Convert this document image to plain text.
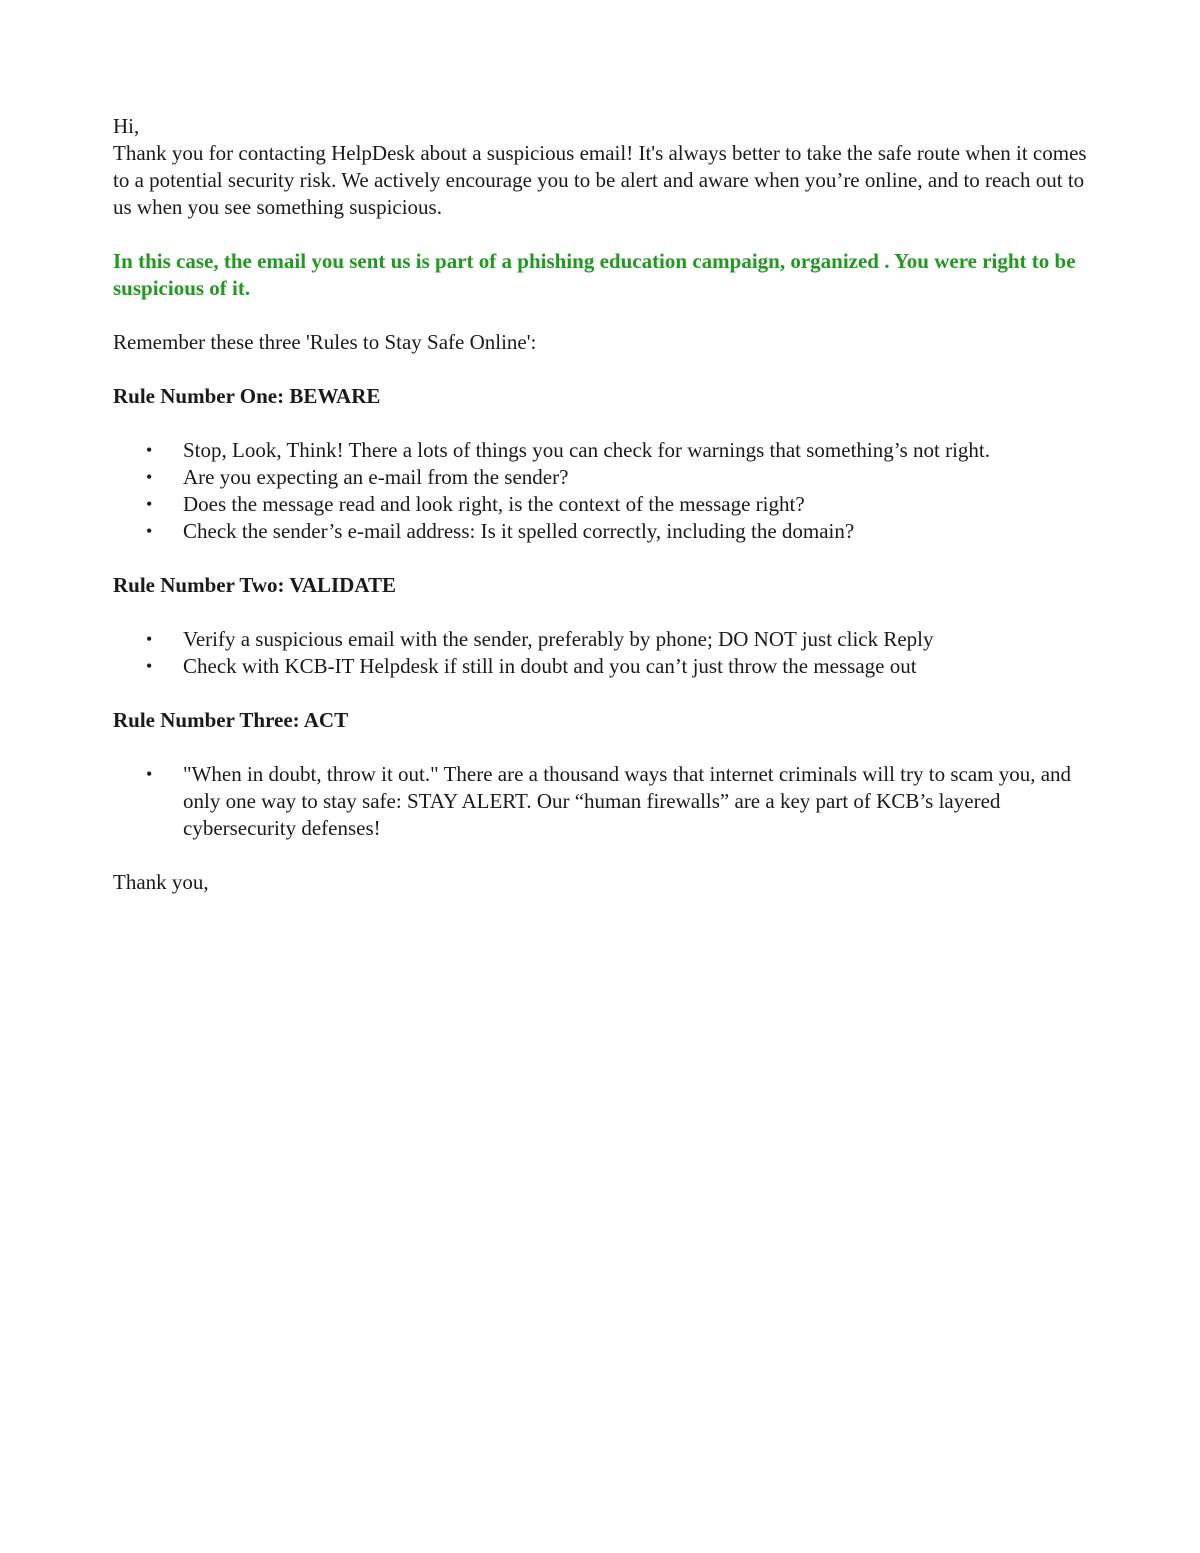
Hi,

Thank you for contacting HelpDesk about a suspicious email! It's always better to take the safe route when it comes to a potential security risk. We actively encourage you to be alert and aware when you’re online, and to reach out to us when you see something suspicious.

In this case, the email you sent us is part of a phishing education campaign, organized . You were right to be suspicious of it.

Remember these three 'Rules to Stay Safe Online':

Rule Number One: BEWARE

• Stop, Look, Think! There a lots of things you can check for warnings that something’s not right.
• Are you expecting an e-mail from the sender?
• Does the message read and look right, is the context of the message right?
• Check the sender’s e-mail address: Is it spelled correctly, including the domain?

Rule Number Two: VALIDATE

• Verify a suspicious email with the sender, preferably by phone; DO NOT just click Reply
• Check with KCB-IT Helpdesk if still in doubt and you can’t just throw the message out

Rule Number Three: ACT

• "When in doubt, throw it out." There are a thousand ways that internet criminals will try to scam you, and only one way to stay safe: STAY ALERT. Our “human firewalls” are a key part of KCB’s layered cybersecurity defenses!

Thank you,
